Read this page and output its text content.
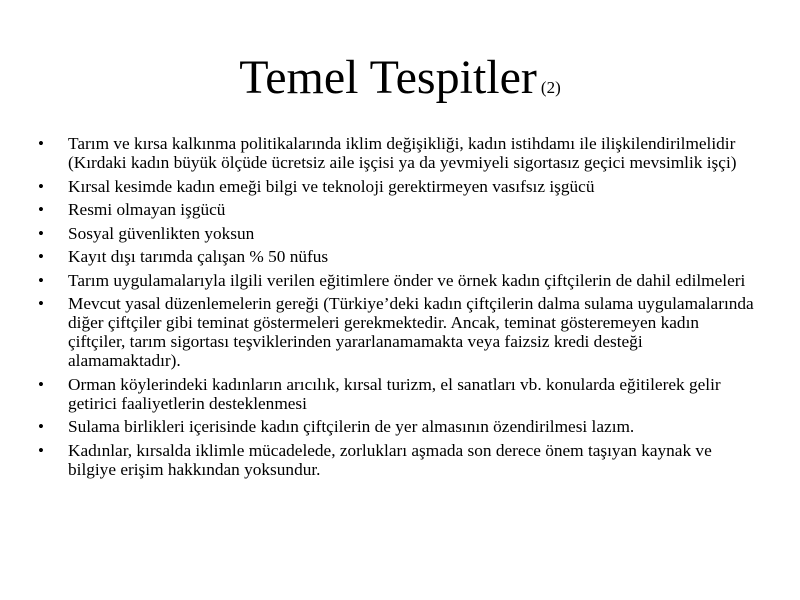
Temel Tespitler (2)
• Tarım ve kırsa kalkınma politikalarında iklim değişikliği, kadın istihdamı ile ilişkilendirilmelidir (Kırdaki kadın büyük ölçüde ücretsiz aile işçisi ya da yevmiyeli sigortasız geçici mevsimlik işçi)
• Kırsal kesimde kadın emeği bilgi ve teknoloji gerektirmeyen vasıfsız işgücü
• Resmi olmayan işgücü
• Sosyal güvenlikten yoksun
• Kayıt dışı tarımda çalışan % 50 nüfus
• Tarım uygulamalarıyla ilgili verilen eğitimlere önder ve örnek kadın çiftçilerin de dahil edilmeleri
• Mevcut yasal düzenlemelerin gereği (Türkiye’deki kadın çiftçilerin dalma sulama uygulamalarında diğer çiftçiler gibi teminat göstermeleri gerekmektedir. Ancak, teminat gösteremeyen kadın çiftçiler, tarım sigortası teşviklerinden yararlanamamakta veya faizsiz kredi desteği alamamaktadır).
• Orman köylerindeki kadınların arıcılık, kırsal turizm, el sanatları vb. konularda eğitilerek gelir getirici faaliyetlerin desteklenmesi
• Sulama birlikleri içerisinde kadın çiftçilerin de yer almasının özendirilmesi lazım.
• Kadınlar, kırsalda iklimle mücadelede, zorlukları aşmada son derece önem taşıyan kaynak ve bilgiye erişim hakkından yoksundur.
